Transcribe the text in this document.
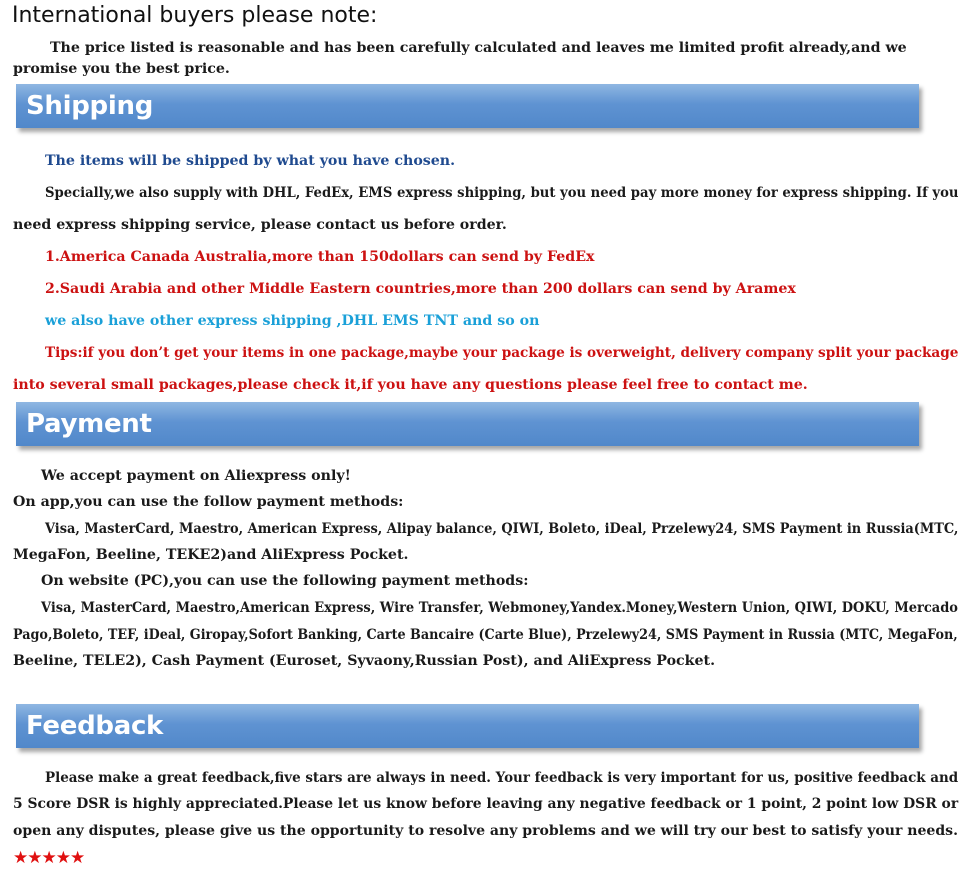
International buyers please note:
The price listed is reasonable and has been carefully calculated and leaves me limited profit already,and we
promise you the best price.
Shipping
The items will be shipped by what you have chosen.
Specially,we also supply with DHL, FedEx, EMS express shipping, but you need pay more money for express shipping. If you
need express shipping service, please contact us before order.
1.America Canada Australia,more than 150dollars can send by FedEx
2.Saudi Arabia and other Middle Eastern countries,more than 200 dollars can send by Aramex
we also have other express shipping ,DHL EMS TNT and so on
Tips:if you don’t get your items in one package,maybe your package is overweight, delivery company split your package
into several small packages,please check it,if you have any questions please feel free to contact me.
Payment
We accept payment on Aliexpress only!
On app,you can use the follow payment methods:
Visa, MasterCard, Maestro, American Express, Alipay balance, QIWI, Boleto, iDeal, Przelewy24, SMS Payment in Russia(MTC,
MegaFon, Beeline, TEKE2)and AliExpress Pocket.
On website (PC),you can use the following payment methods:
Visa, MasterCard, Maestro,American Express, Wire Transfer, Webmoney,Yandex.Money,Western Union, QIWI, DOKU, Mercado
Pago,Boleto, TEF, iDeal, Giropay,Sofort Banking, Carte Bancaire (Carte Blue), Przelewy24, SMS Payment in Russia (MTC, MegaFon,
Beeline, TELE2), Cash Payment (Euroset, Syvaony,Russian Post), and AliExpress Pocket.
Feedback
Please make a great feedback,five stars are always in need. Your feedback is very important for us, positive feedback and
5 Score DSR is highly appreciated.Please let us know before leaving any negative feedback or 1 point, 2 point low DSR or
open any disputes, please give us the opportunity to resolve any problems and we will try our best to satisfy your needs.
★★★★★
